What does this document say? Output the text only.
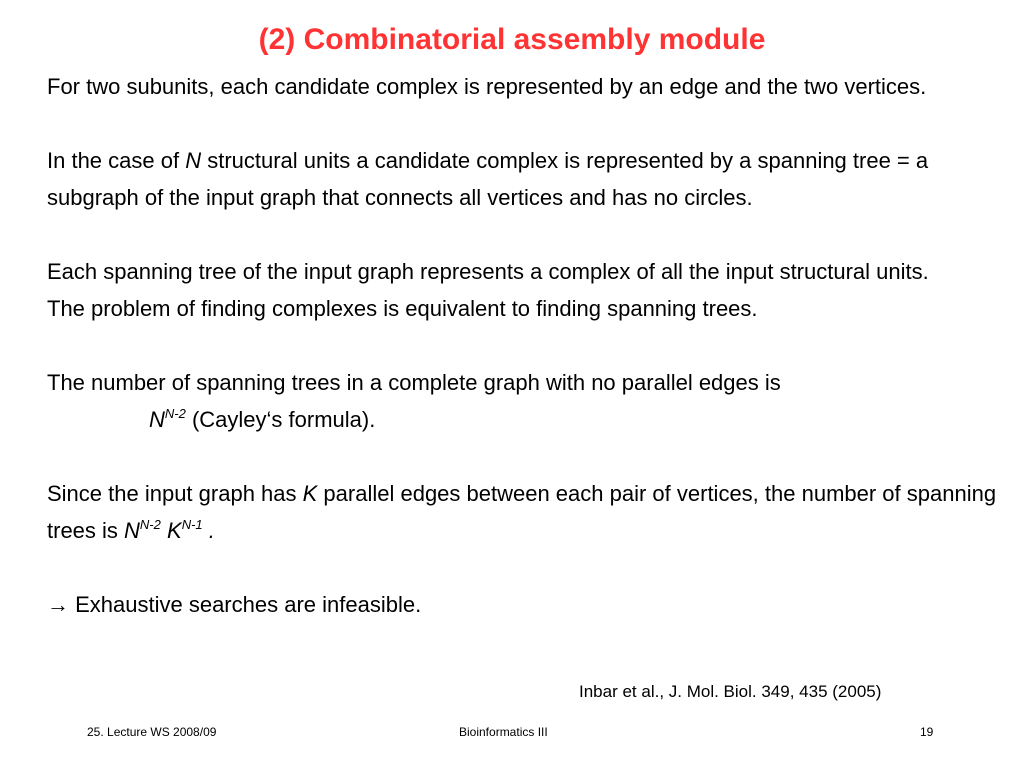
(2) Combinatorial assembly module

For two subunits, each candidate complex is represented by an edge and the two vertices.

In the case of N structural units a candidate complex is represented by a spanning tree = a subgraph of the input graph that connects all vertices and has no circles.

Each spanning tree of the input graph represents a complex of all the input structural units.

The problem of finding complexes is equivalent to finding spanning trees.

The number of spanning trees in a complete graph with no parallel edges is

$N^{N-2}$ (Cayley‘s formula).

Since the input graph has K parallel edges between each pair of vertices, the number of spanning trees is $N^{N-2}$ $K^{N-1}$ .

→ Exhaustive searches are infeasible.

Inbar et al., J. Mol. Biol. 349, 435 (2005)
25. Lecture WS 2008/09	Bioinformatics III	19
